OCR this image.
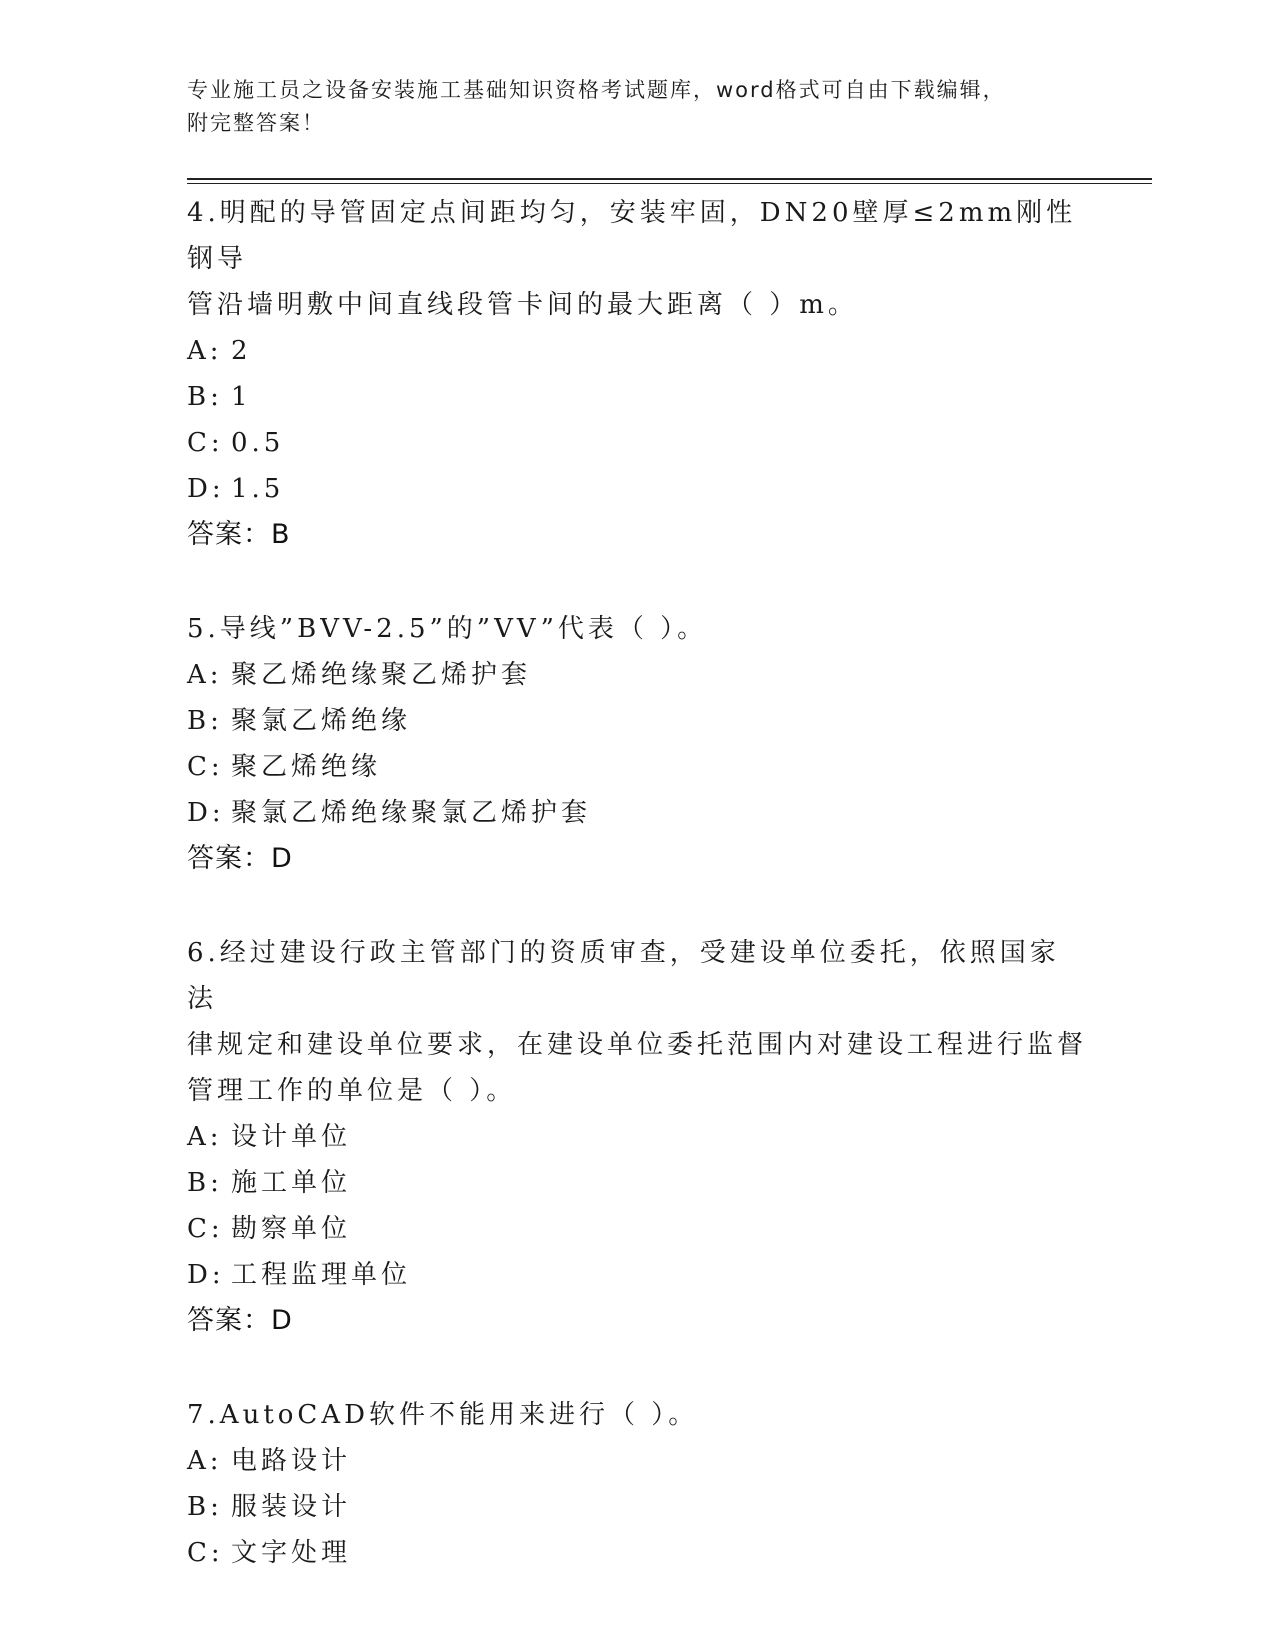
专业施工员之设备安装施工基础知识资格考试题库，word格式可自由下载编辑，
附完整答案！
4.明配的导管固定点间距均匀，安装牢固，DN20壁厚≤2mm刚性钢导
管沿墙明敷中间直线段管卡间的最大距离（ ）m。
A: 2
B: 1
C: 0.5
D: 1.5
答案：B
5.导线”BVV-2.5”的”VV”代表（ ）。
A: 聚乙烯绝缘聚乙烯护套
B: 聚氯乙烯绝缘
C: 聚乙烯绝缘
D: 聚氯乙烯绝缘聚氯乙烯护套
答案：D
6.经过建设行政主管部门的资质审查，受建设单位委托，依照国家法
律规定和建设单位要求，在建设单位委托范围内对建设工程进行监督
管理工作的单位是（ ）。
A: 设计单位
B: 施工单位
C: 勘察单位
D: 工程监理单位
答案：D
7.AutoCAD软件不能用来进行（ ）。
A: 电路设计
B: 服装设计
C: 文字处理
